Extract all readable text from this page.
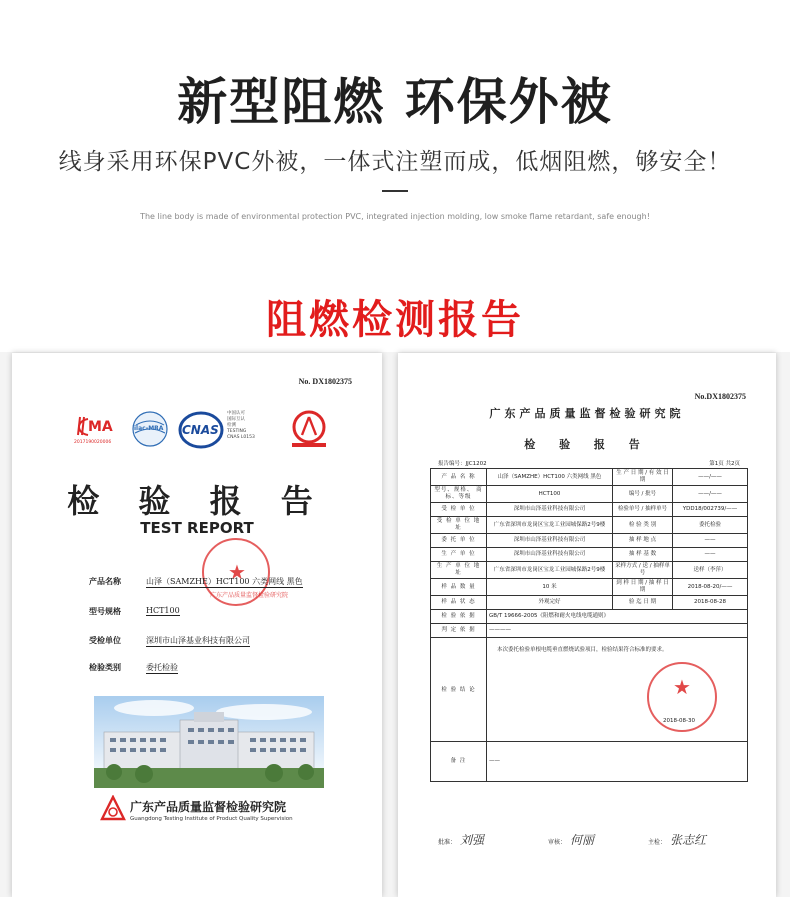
新型阻燃 环保外被
线身采用环保PVC外被，一体式注塑而成，低烟阻燃，够安全！
The line body is made of environmental protection PVC, integrated injection molding, low smoke flame retardant, safe enough!
阻燃检测报告
No. DX1802375
MA
2017190020006
ilac-MRA CNAS
中国认可
国际互认
检测
TESTING
CNAS L0153
检 验 报 告
TEST REPORT
★
广东产品质量监督检验研究院
产品名称	山泽（SAMZHE）HCT100 六类网线 黑色
型号规格	HCT100
受检单位	深圳市山泽基业科技有限公司
检验类别	委托检验
广东产品质量监督检验研究院
Guangdong Testing Institute of Product Quality Supervision
No.DX1802375
广东产品质量监督检验研究院
检 验 报 告
报告编号：JJC1202	第1页 共2页
产 品 名 称	山泽（SAMZHE）HCT100 六类网线 黑色	生 产 日 期 / 有 效 日 期	——/——
型号、规格、 商标、等级	HCT100	编号 / 批号	——/——
受 检 单 位	深圳市山泽基业科技有限公司	检验单号 / 抽样单号	YDD18/002739/——
受 检 单 位 地 址	广东省深圳市龙岗区宝龙工业园城保路2号9楼	检 验 类 别	委托检验
委 托 单 位	深圳市山泽基业科技有限公司	抽 样 地 点	——
生 产 单 位	深圳市山泽基业科技有限公司	抽 样 基 数	——
生 产 单 位 地 址	广东省深圳市龙岗区宝龙工业园城保路2号9楼	采样方式 / 送 / 抽样单号	送样（李萍）
样 品 数 量	10 米	到 样 日 期 / 抽 样 日 期	2018-08-20/——
样 品 状 态	外观完好	验 迄 日 期	2018-08-28
检 验 依 据	GB/T 19666-2005《阻燃和耐火电线电缆通则》		
判 定 依 据	————		
检 验 结 论	本次委托检验单根电缆垂直燃烧试验项目，检验结果符合标准的要求。
★
2018-08-30		

备 注	——		
批准： 刘强	审核： 何丽	主检： 张志红
